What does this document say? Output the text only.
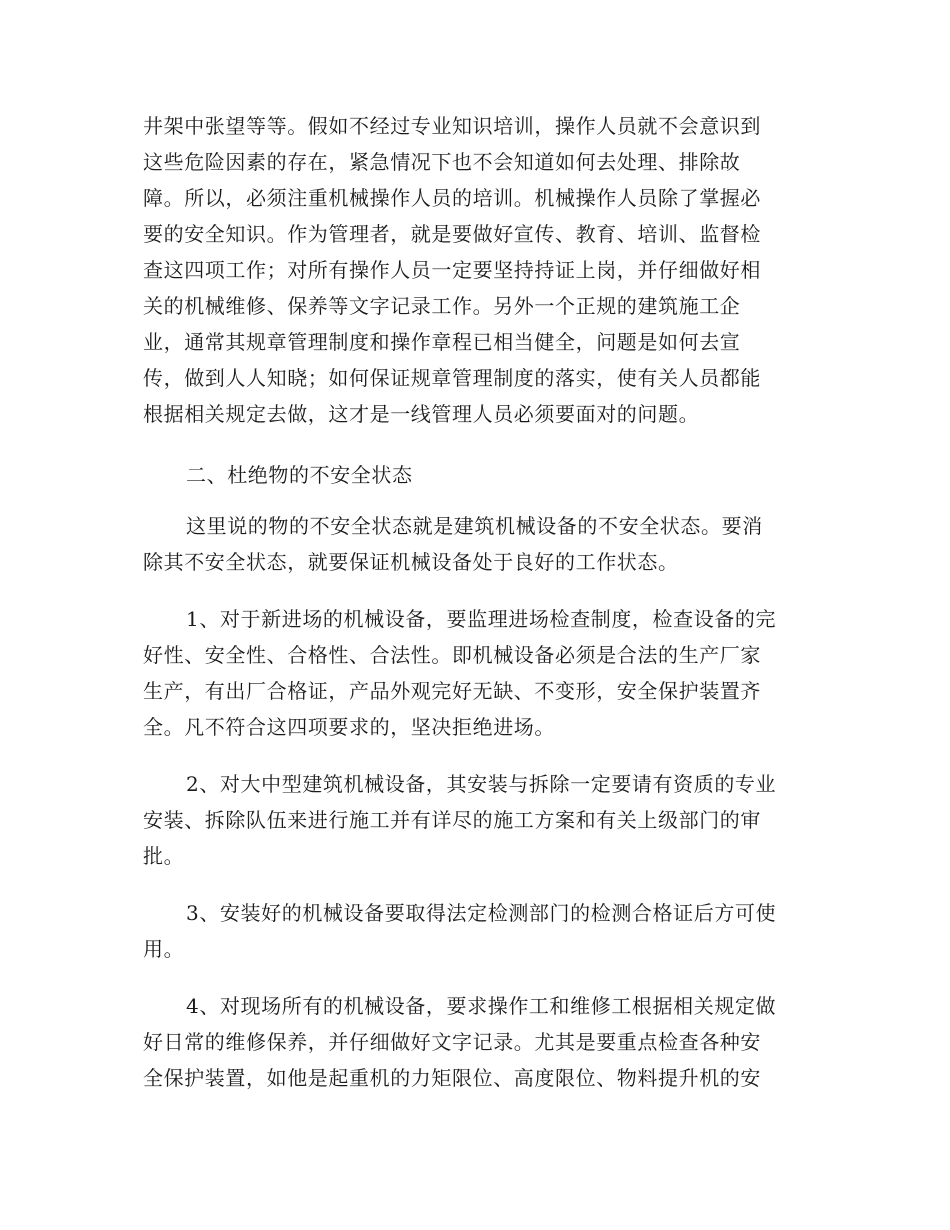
井架中张望等等。假如不经过专业知识培训，操作人员就不会意识到
这些危险因素的存在，紧急情况下也不会知道如何去处理、排除故
障。所以，必须注重机械操作人员的培训。机械操作人员除了掌握必
要的安全知识。作为管理者，就是要做好宣传、教育、培训、监督检
查这四项工作；对所有操作人员一定要坚持持证上岗，并仔细做好相
关的机械维修、保养等文字记录工作。另外一个正规的建筑施工企
业，通常其规章管理制度和操作章程已相当健全，问题是如何去宣
传，做到人人知晓；如何保证规章管理制度的落实，使有关人员都能
根据相关规定去做，这才是一线管理人员必须要面对的问题。
二、杜绝物的不安全状态
这里说的物的不安全状态就是建筑机械设备的不安全状态。要消
除其不安全状态，就要保证机械设备处于良好的工作状态。
1、对于新进场的机械设备，要监理进场检查制度，检查设备的完
好性、安全性、合格性、合法性。即机械设备必须是合法的生产厂家
生产，有出厂合格证，产品外观完好无缺、不变形，安全保护装置齐
全。凡不符合这四项要求的，坚决拒绝进场。
2、对大中型建筑机械设备，其安装与拆除一定要请有资质的专业
安装、拆除队伍来进行施工并有详尽的施工方案和有关上级部门的审
批。
3、安装好的机械设备要取得法定检测部门的检测合格证后方可使
用。
4、对现场所有的机械设备，要求操作工和维修工根据相关规定做
好日常的维修保养，并仔细做好文字记录。尤其是要重点检查各种安
全保护装置，如他是起重机的力矩限位、高度限位、物料提升机的安
